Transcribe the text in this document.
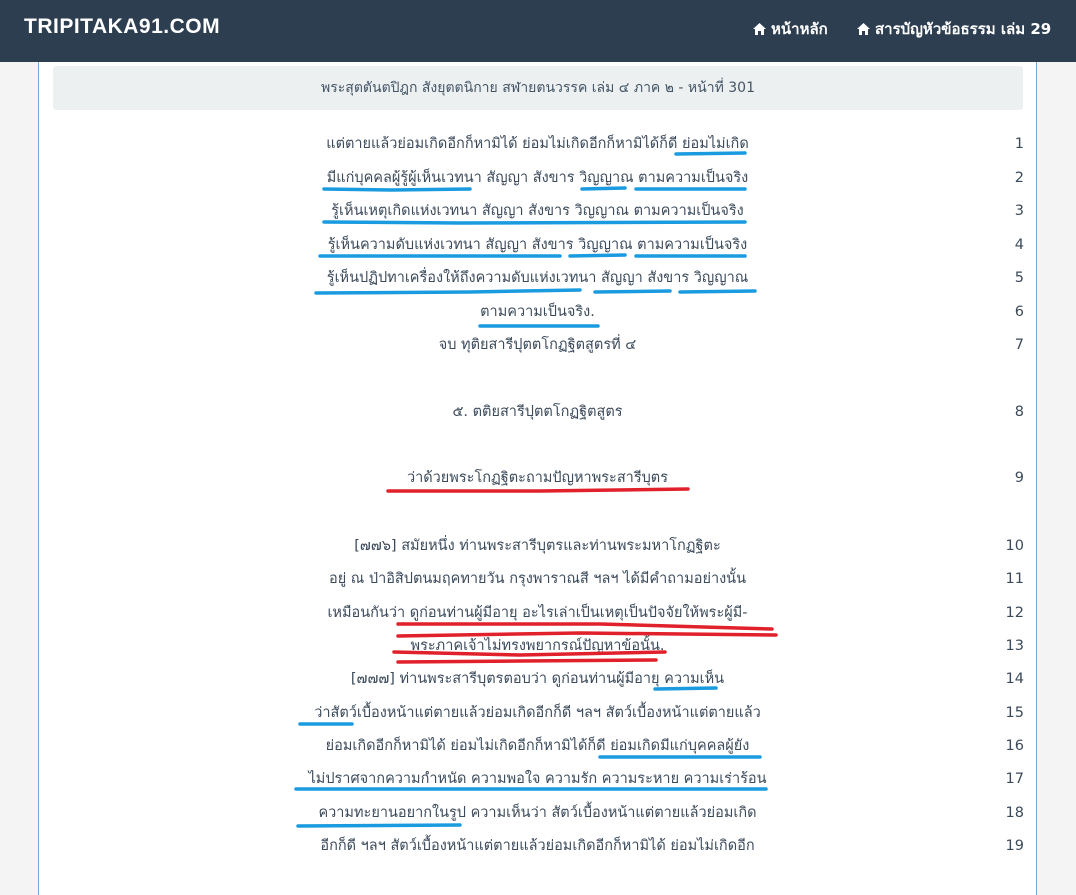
TRIPITAKA91.COM	หน้าหลัก	สารบัญหัวข้อธรรม เล่ม 29
พระสุตตันตปิฎก สังยุตตนิกาย สฬายตนวรรค เล่ม ๔ ภาค ๒ - หน้าที่ 301
แต่ตายแล้วย่อมเกิดอีกก็หามิได้ ย่อมไม่เกิดอีกก็หามิได้ก็ดี ย่อมไม่เกิด	1
มีแก่บุคคลผู้รู้ผู้เห็นเวทนา สัญญา สังขาร วิญญาณ ตามความเป็นจริง	2
รู้เห็นเหตุเกิดแห่งเวทนา สัญญา สังขาร วิญญาณ ตามความเป็นจริง	3
รู้เห็นความดับแห่งเวทนา สัญญา สังขาร วิญญาณ ตามความเป็นจริง	4
รู้เห็นปฏิปทาเครื่องให้ถึงความดับแห่งเวทนา สัญญา สังขาร วิญญาณ	5
ตามความเป็นจริง.	6
จบ ทุติยสารีปุตตโกฏฐิตสูตรที่ ๔	7
๕. ตติยสารีปุตตโกฏฐิตสูตร	8
ว่าด้วยพระโกฏฐิตะถามปัญหาพระสารีบุตร	9
[๗๗๖] สมัยหนึ่ง ท่านพระสารีบุตรและท่านพระมหาโกฏฐิตะ	10
อยู่ ณ ป่าอิสิปตนมฤคทายวัน กรุงพาราณสี ฯลฯ ได้มีคำถามอย่างนั้น	11
เหมือนกันว่า ดูก่อนท่านผู้มีอายุ อะไรเล่าเป็นเหตุเป็นปัจจัยให้พระผู้มี-	12
พระภาคเจ้าไม่ทรงพยากรณ์ปัญหาข้อนั้น.	13
[๗๗๗] ท่านพระสารีบุตรตอบว่า ดูก่อนท่านผู้มีอายุ ความเห็น	14
ว่าสัตว์เบื้องหน้าแต่ตายแล้วย่อมเกิดอีกก็ดี ฯลฯ สัตว์เบื้องหน้าแต่ตายแล้ว	15
ย่อมเกิดอีกก็หามิได้ ย่อมไม่เกิดอีกก็หามิได้ก็ดี ย่อมเกิดมีแก่บุคคลผู้ยัง	16
ไม่ปราศจากความกำหนัด ความพอใจ ความรัก ความระหาย ความเร่าร้อน	17
ความทะยานอยากในรูป ความเห็นว่า สัตว์เบื้องหน้าแต่ตายแล้วย่อมเกิด	18
อีกก็ดี ฯลฯ สัตว์เบื้องหน้าแต่ตายแล้วย่อมเกิดอีกก็หามิได้ ย่อมไม่เกิดอีก	19
